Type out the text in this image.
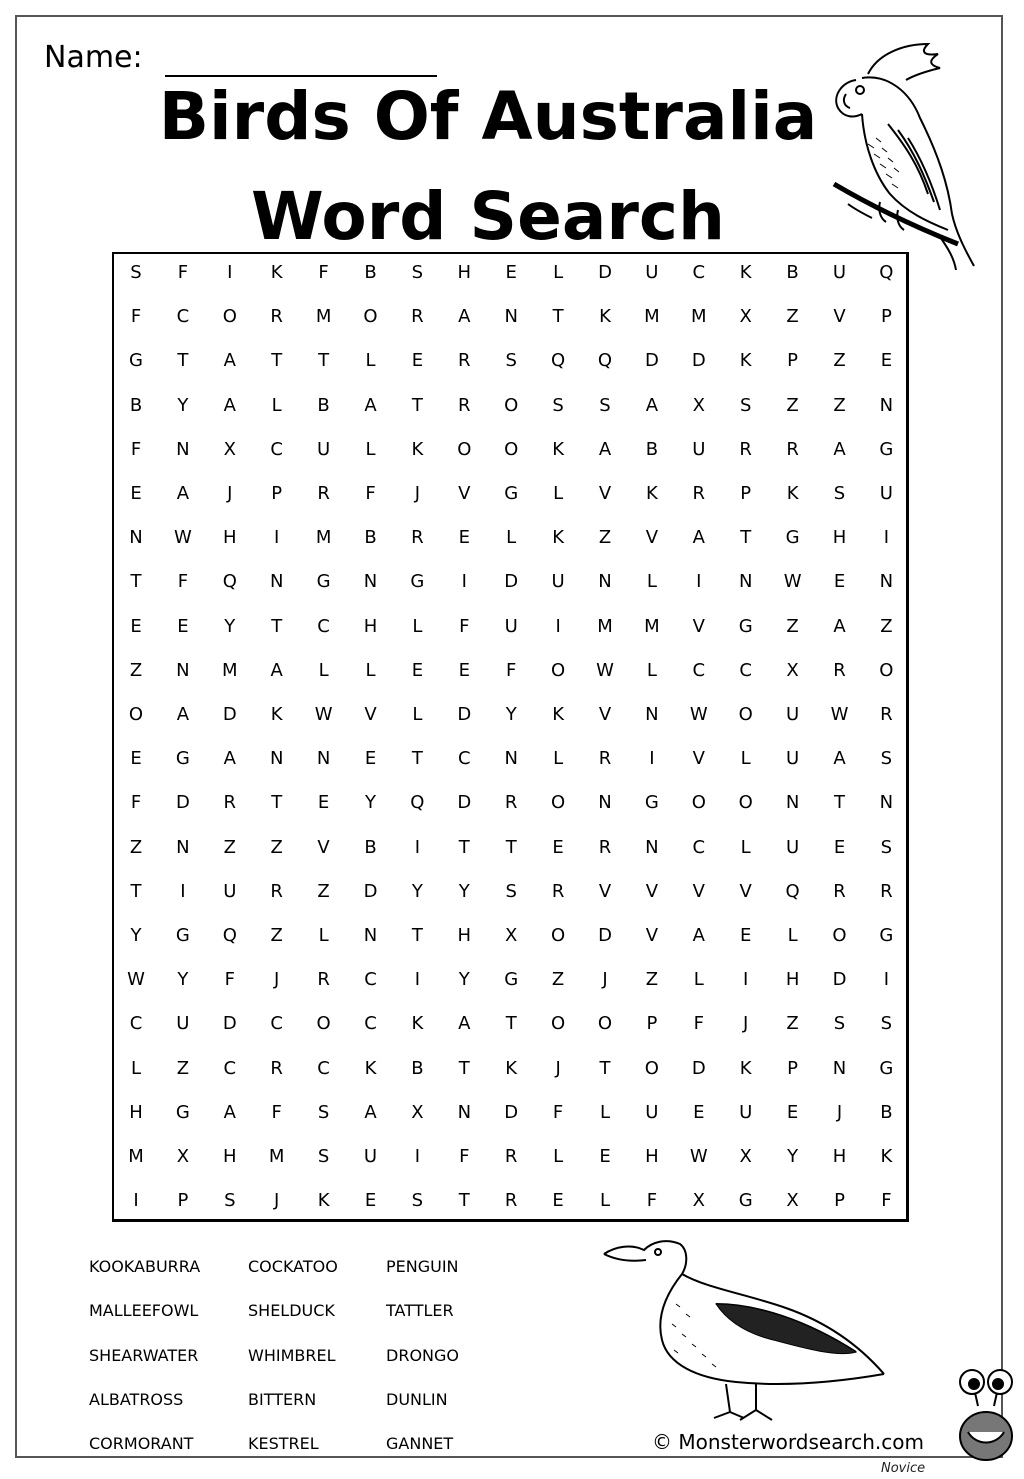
Name:
Birds Of Australia
Word Search
S	F	I	K	F	B	S	H	E	L	D	U	C	K	B	U	Q
F	C	O	R	M	O	R	A	N	T	K	M	M	X	Z	V	P
G	T	A	T	T	L	E	R	S	Q	Q	D	D	K	P	Z	E
B	Y	A	L	B	A	T	R	O	S	S	A	X	S	Z	Z	N
F	N	X	C	U	L	K	O	O	K	A	B	U	R	R	A	G
E	A	J	P	R	F	J	V	G	L	V	K	R	P	K	S	U
N	W	H	I	M	B	R	E	L	K	Z	V	A	T	G	H	I
T	F	Q	N	G	N	G	I	D	U	N	L	I	N	W	E	N
E	E	Y	T	C	H	L	F	U	I	M	M	V	G	Z	A	Z
Z	N	M	A	L	L	E	E	F	O	W	L	C	C	X	R	O
O	A	D	K	W	V	L	D	Y	K	V	N	W	O	U	W	R
E	G	A	N	N	E	T	C	N	L	R	I	V	L	U	A	S
F	D	R	T	E	Y	Q	D	R	O	N	G	O	O	N	T	N
Z	N	Z	Z	V	B	I	T	T	E	R	N	C	L	U	E	S
T	I	U	R	Z	D	Y	Y	S	R	V	V	V	V	Q	R	R
Y	G	Q	Z	L	N	T	H	X	O	D	V	A	E	L	O	G
W	Y	F	J	R	C	I	Y	G	Z	J	Z	L	I	H	D	I
C	U	D	C	O	C	K	A	T	O	O	P	F	J	Z	S	S
L	Z	C	R	C	K	B	T	K	J	T	O	D	K	P	N	G
H	G	A	F	S	A	X	N	D	F	L	U	E	U	E	J	B
M	X	H	M	S	U	I	F	R	L	E	H	W	X	Y	H	K
I	P	S	J	K	E	S	T	R	E	L	F	X	G	X	P	F
KOOKABURRA	COCKATOO	PENGUIN
MALLEEFOWL	SHELDUCK	TATTLER
SHEARWATER	WHIMBREL	DRONGO
ALBATROSS	BITTERN	DUNLIN
CORMORANT	KESTREL	GANNET	© Monsterwordsearch.com
Novice
